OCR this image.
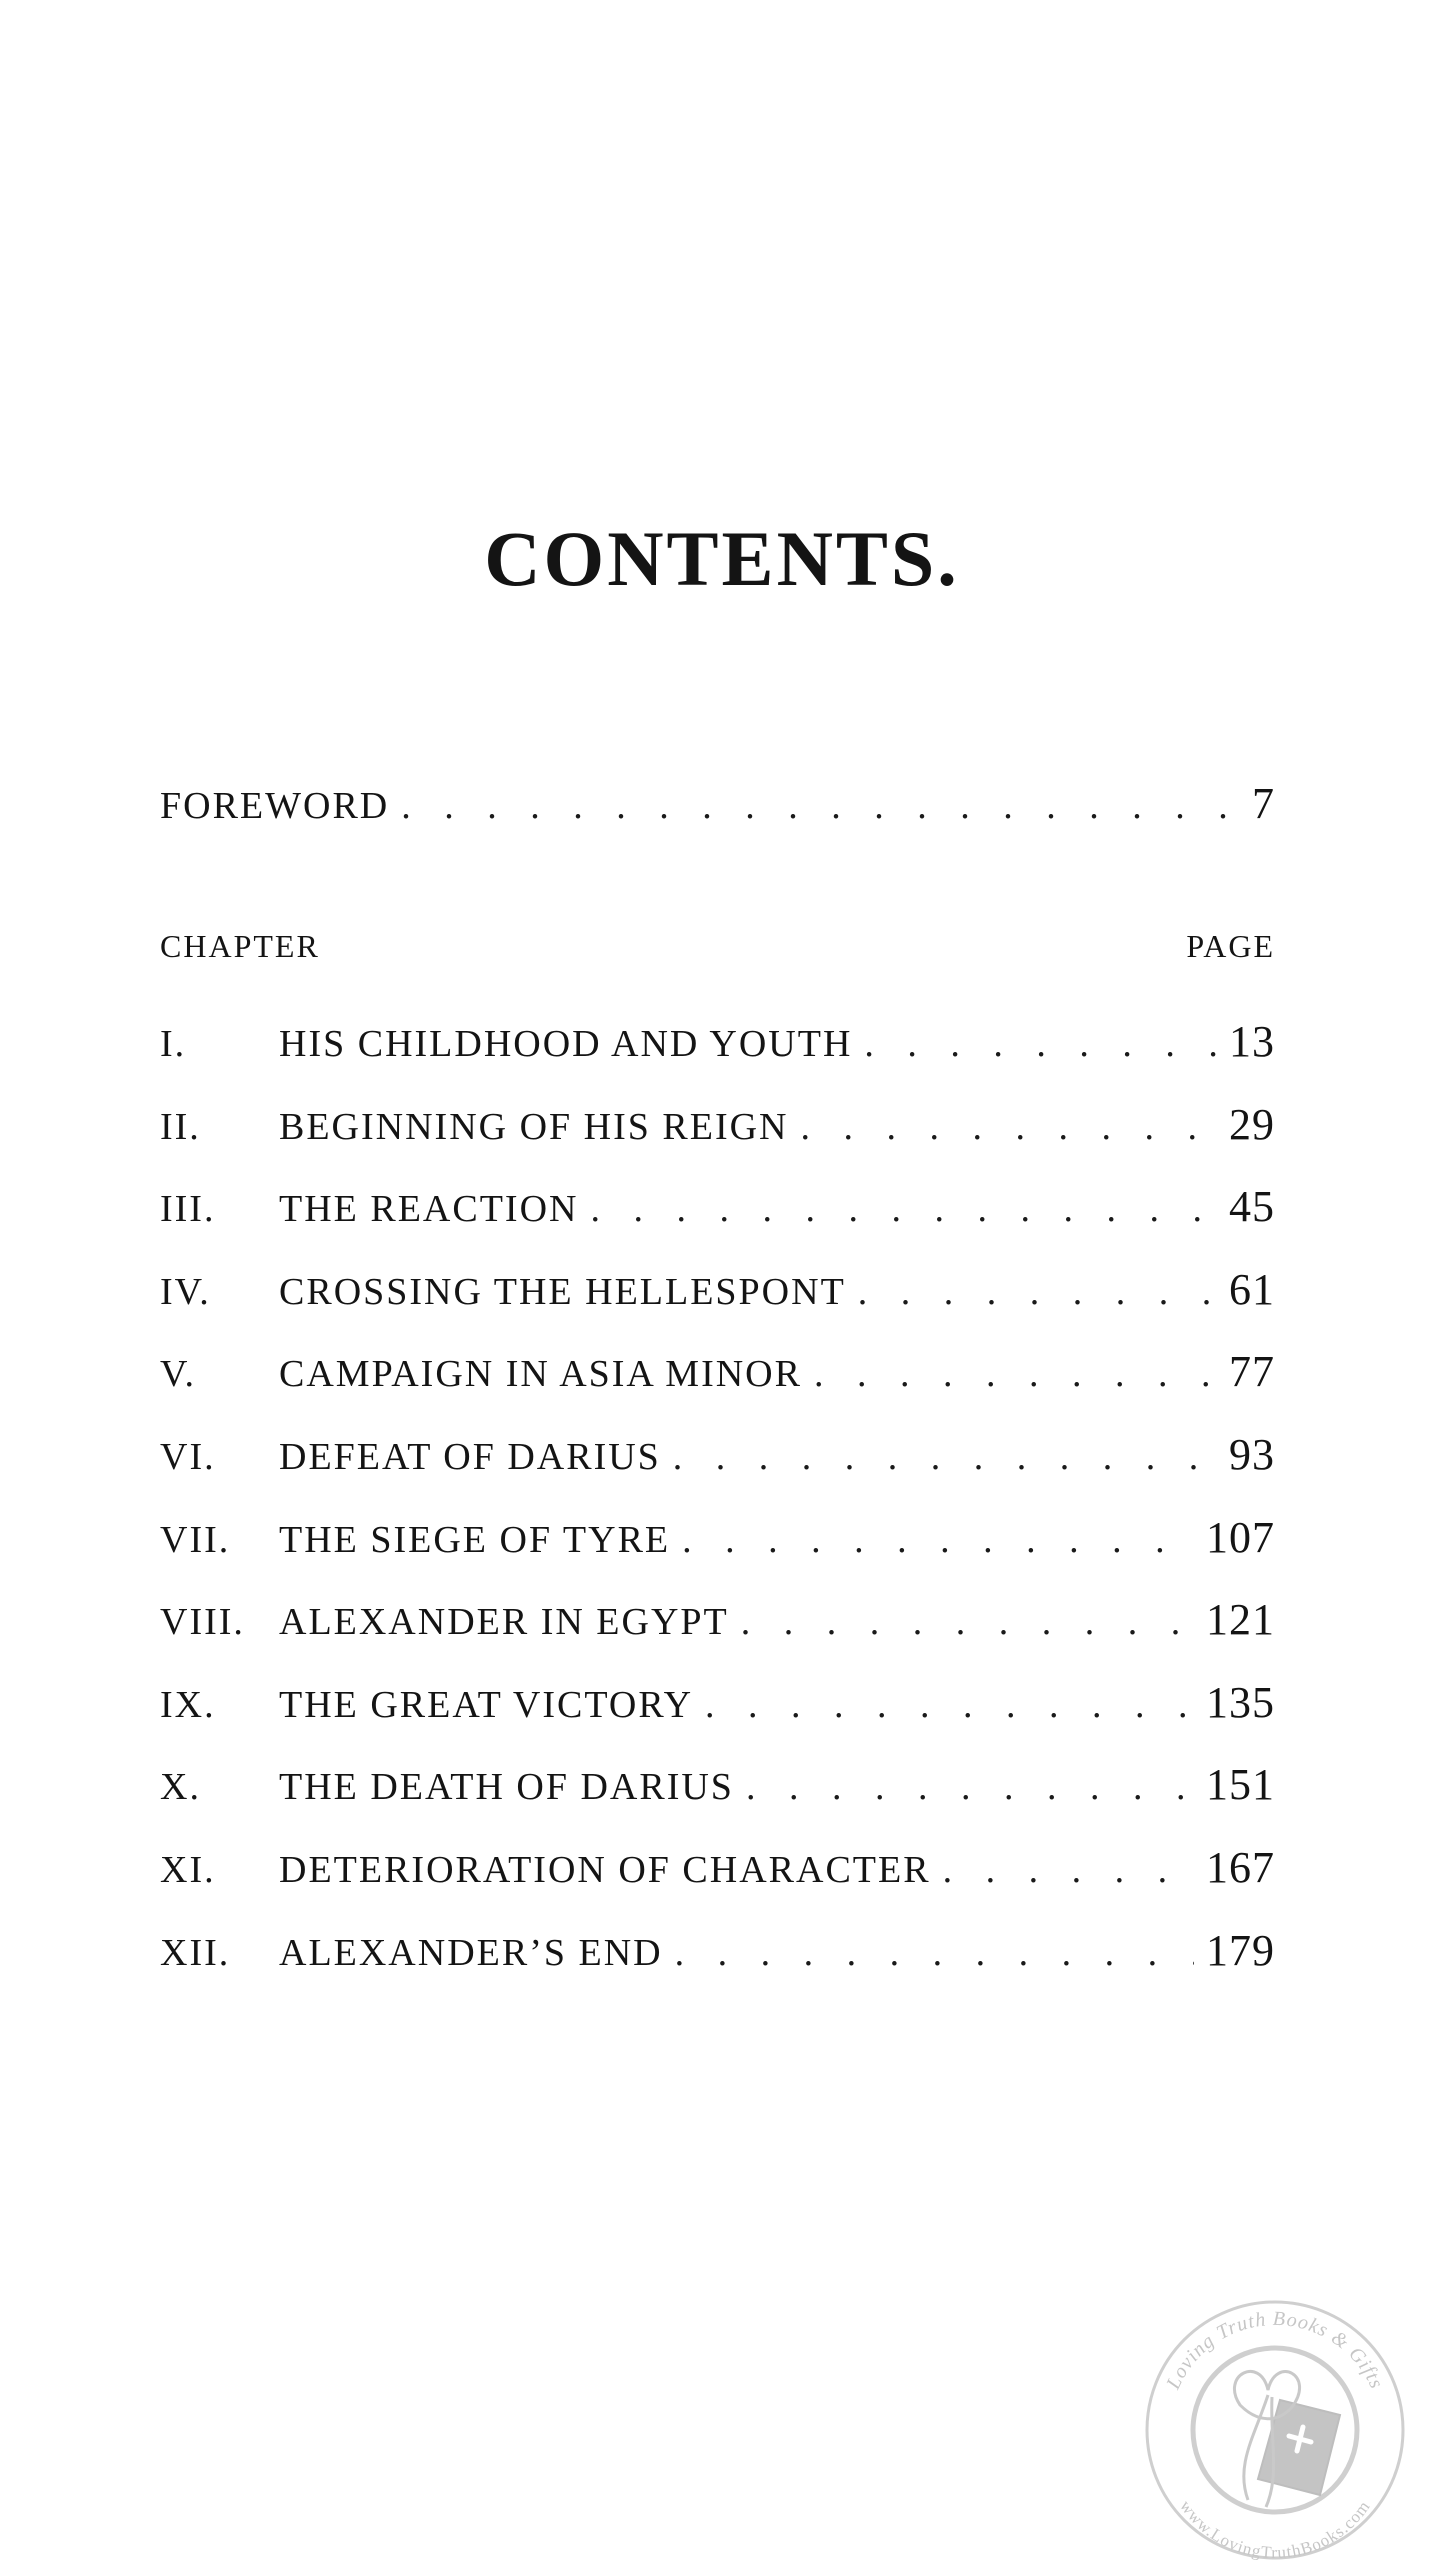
CONTENTS.
FOREWORD . . .	7
CHAPTER	PAGE
I.	HIS CHILDHOOD AND YOUTH . . .	13
II.	BEGINNING OF HIS REIGN . . .	29
III.	THE REACTION . . .	45
IV.	CROSSING THE HELLESPONT . . .	61
V.	CAMPAIGN IN ASIA MINOR . . .	77
VI.	DEFEAT OF DARIUS . . .	93
VII.	THE SIEGE OF TYRE . . .	107
VIII. ALEXANDER IN EGYPT . . .	121
IX.	THE GREAT VICTORY . . .	135
X.	THE DEATH OF DARIUS . . .	151
XI.	DETERIORATION OF CHARACTER . . .	167
XII.	ALEXANDER’S END . . .	179
Loving Truth Books & Gifts
www.LovingTruthBooks.com
